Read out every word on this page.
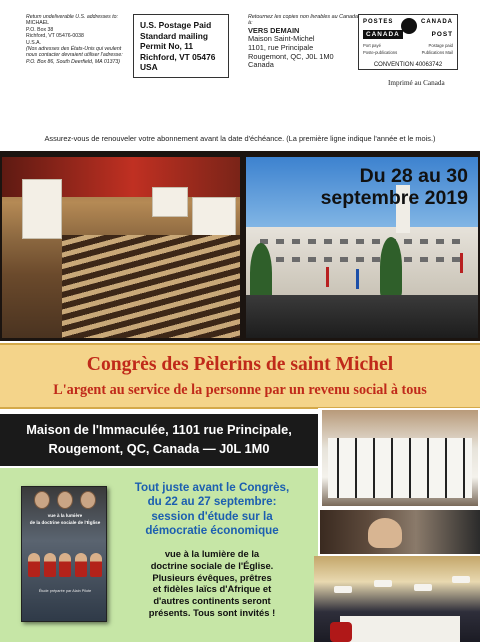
Return undeliverable U.S. addresses to:
MICHAEL
P.O. Box 38
Richford, VT 05476-0038
U.S.A.
(Nos adresses des États-Unis qui veulent nous contacter devraient utiliser l'adresse: P.O. Box 86, South Deerfield, MA 01373)
U.S. Postage Paid
Standard mailing
Permit No, 11
Richford, VT 05476
USA
Retournez les copies non livrables au Canada à:
VERS DEMAIN
Maison Saint-Michel
1101, rue Principale
Rougemont, QC, J0L 1M0
Canada
POSTES	CANADA
CANADA	POST
Port payé	Postage paid
Poste-publications	Publications Mail
CONVENTION 40063742
Imprimé au Canada
Assurez-vous de renouveler votre abonnement avant la date d'échéance. (La première ligne indique l'année et le mois.)
Du 28 au 30
septembre 2019
Congrès des Pèlerins de saint Michel
L'argent au service de la personne par un revenu social à tous
Maison de l'Immaculée, 1101 rue Principale,
Rougemont, QC, Canada — J0L 1M0
vue à la lumière
de la doctrine sociale de l'Église
Étude préparée par Alain Pilote
Tout juste avant le Congrès,
du 22 au 27 septembre:
session d'étude sur la
démocratie économique
vue à la lumière de la
doctrine sociale de l'Église.
Plusieurs évêques, prêtres
et fidèles laïcs d'Afrique et
d'autres continents seront
présents. Tous sont invités !
